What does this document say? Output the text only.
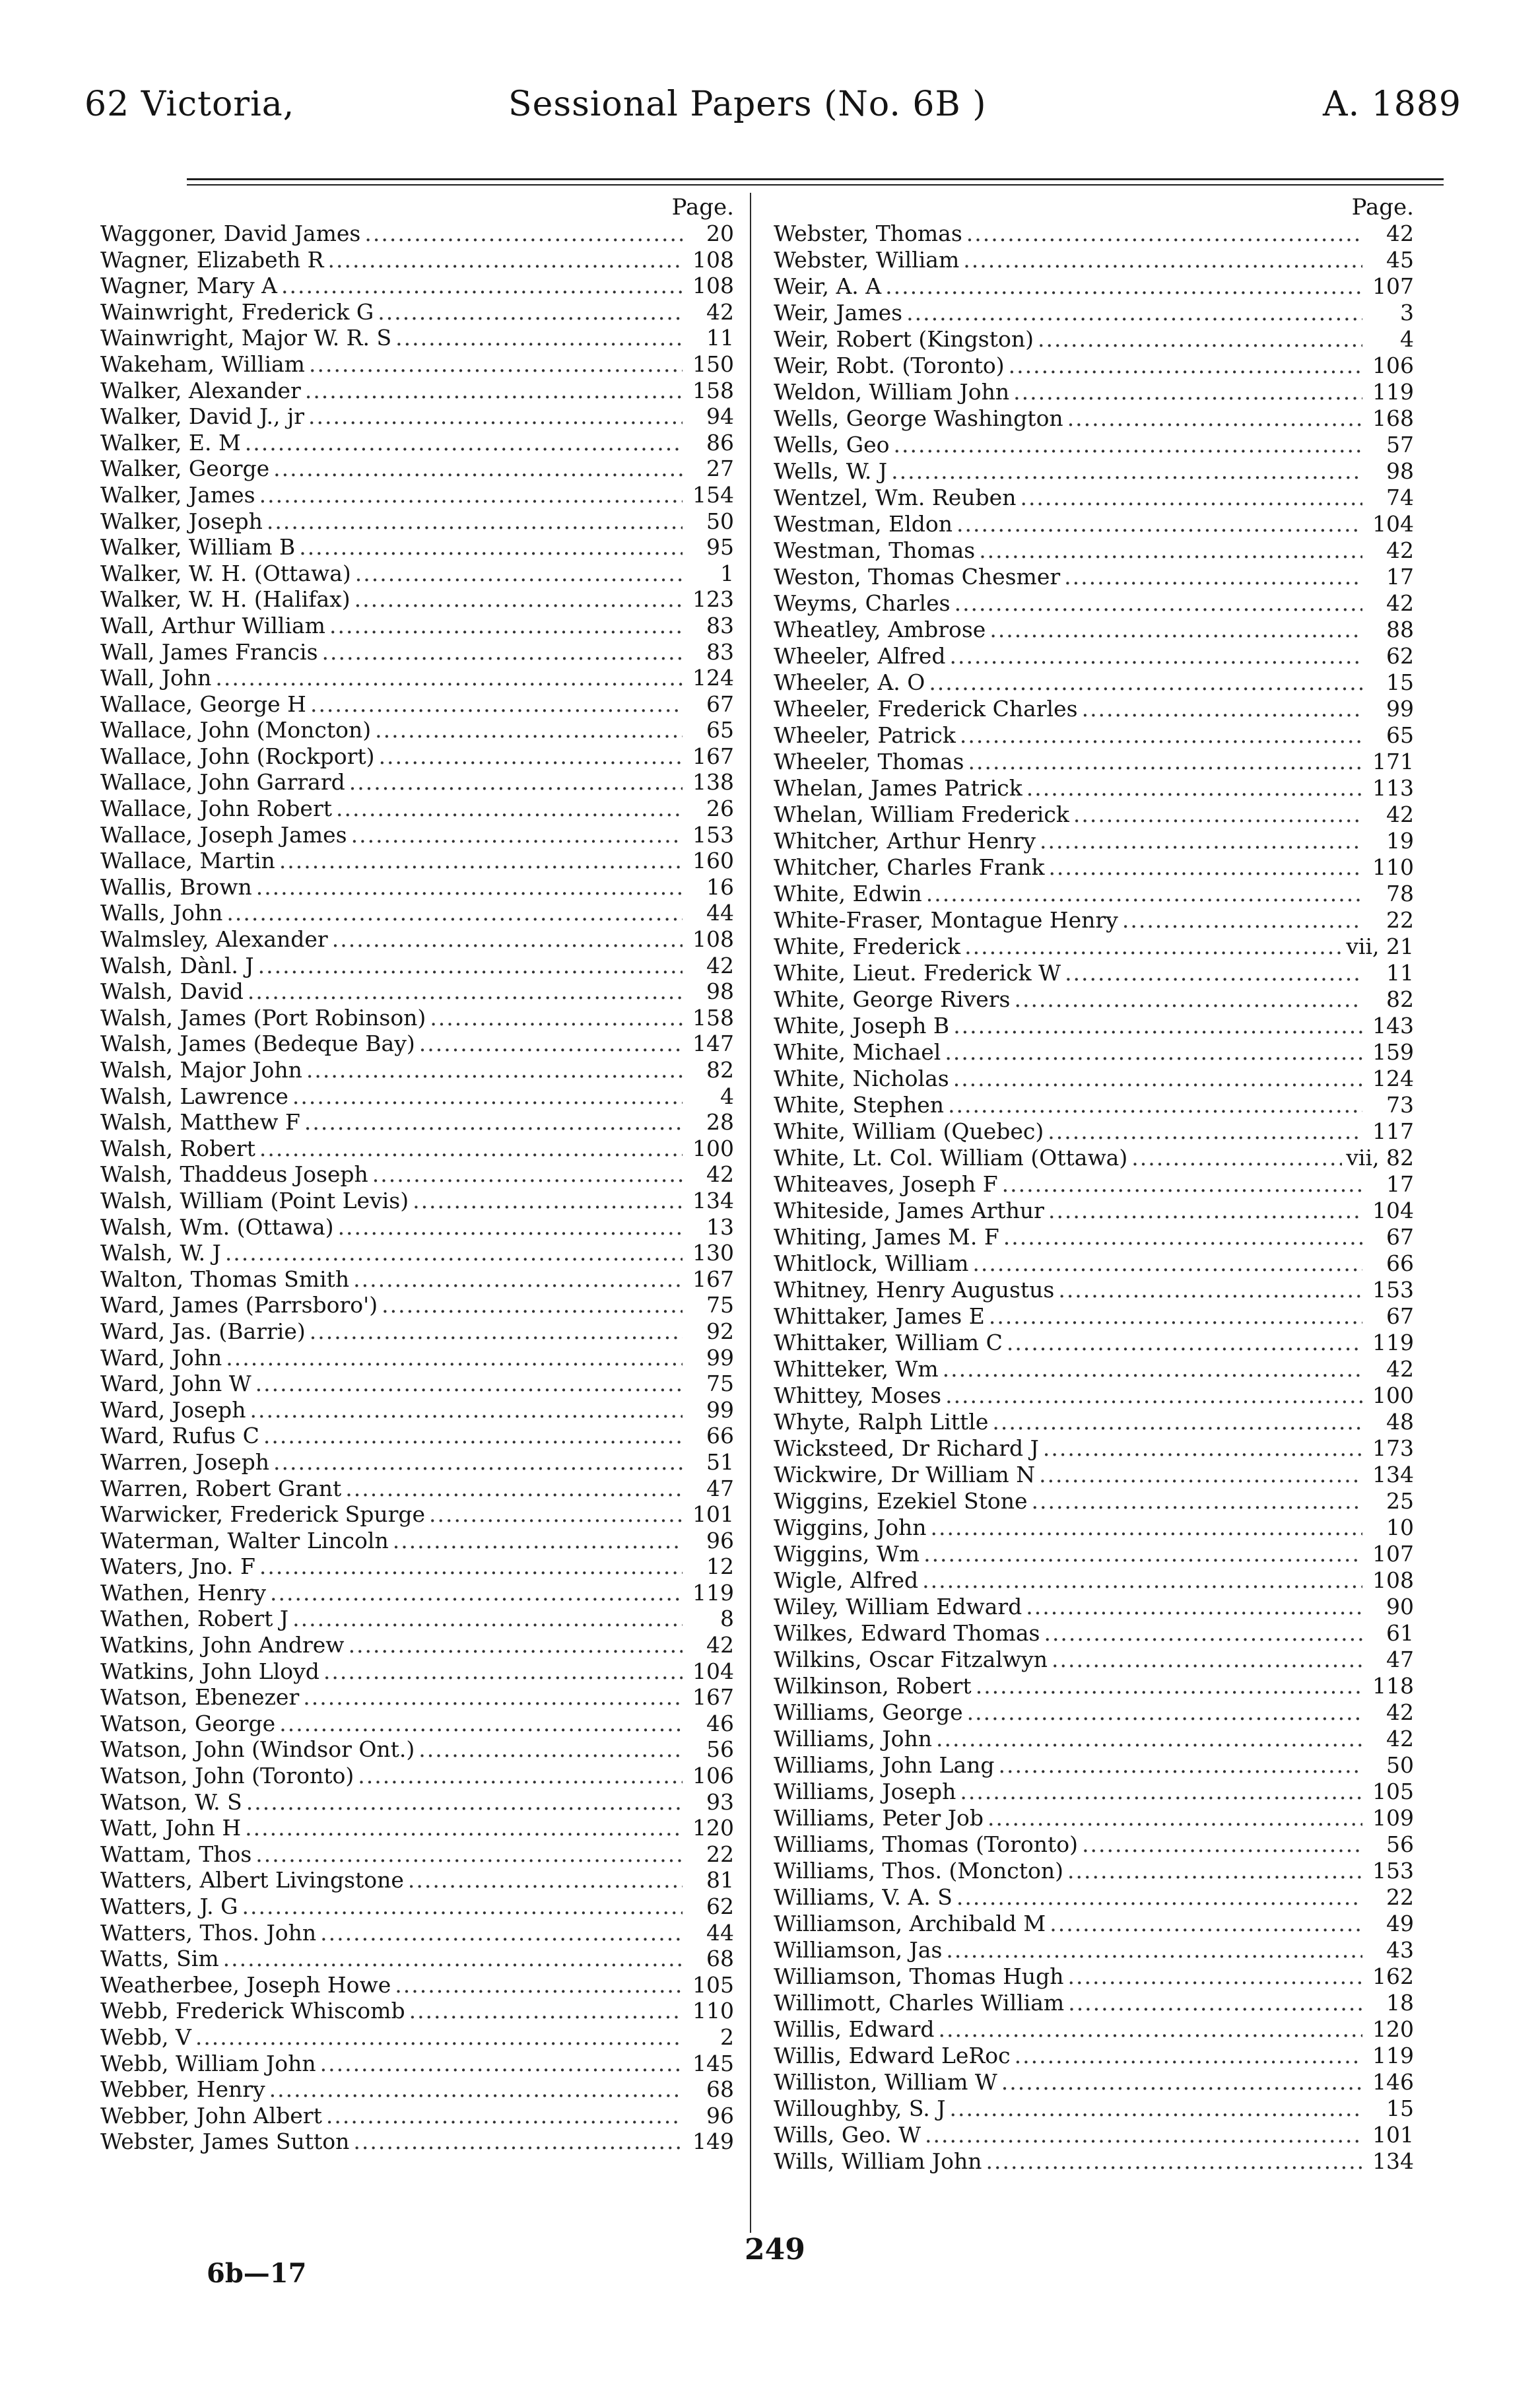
62 Victoria,	Sessional Papers (No. 6B )	A. 1889
Page.
Waggoner, David James .....	20
Wagner, Elizabeth R .....	108
Wagner, Mary A .....	108
Wainwright, Frederick G .....	42
Wainwright, Major W. R. S .....	11
Wakeham, William .....	150
Walker, Alexander .....	158
Walker, David J., jr .....	94
Walker, E. M .....	86
Walker, George .....	27
Walker, James .....	154
Walker, Joseph .....	50
Walker, William B .....	95
Walker, W. H. (Ottawa) .....	1
Walker, W. H. (Halifax) .....	123
Wall, Arthur William .....	83
Wall, James Francis .....	83
Wall, John .....	124
Wallace, George H .....	67
Wallace, John (Moncton) .....	65
Wallace, John (Rockport) .....	167
Wallace, John Garrard .....	138
Wallace, John Robert .....	26
Wallace, Joseph James .....	153
Wallace, Martin .....	160
Wallis, Brown .....	16
Walls, John .....	44
Walmsley, Alexander .....	108
Walsh, Dànl. J .....	42
Walsh, David .....	98
Walsh, James (Port Robinson) .....	158
Walsh, James (Bedeque Bay) .....	147
Walsh, Major John .....	82
Walsh, Lawrence .....	4
Walsh, Matthew F .....	28
Walsh, Robert .....	100
Walsh, Thaddeus Joseph .....	42
Walsh, William (Point Levis) .....	134
Walsh, Wm. (Ottawa) .....	13
Walsh, W. J .....	130
Walton, Thomas Smith .....	167
Ward, James (Parrsboro') .....	75
Ward, Jas. (Barrie) .....	92
Ward, John .....	99
Ward, John W .....	75
Ward, Joseph .....	99
Ward, Rufus C .....	66
Warren, Joseph .....	51
Warren, Robert Grant .....	47
Warwicker, Frederick Spurge .....	101
Waterman, Walter Lincoln .....	96
Waters, Jno. F .....	12
Wathen, Henry .....	119
Wathen, Robert J .....	8
Watkins, John Andrew .....	42
Watkins, John Lloyd .....	104
Watson, Ebenezer .....	167
Watson, George .....	46
Watson, John (Windsor Ont.) .....	56
Watson, John (Toronto) .....	106
Watson, W. S .....	93
Watt, John H .....	120
Wattam, Thos .....	22
Watters, Albert Livingstone .....	81
Watters, J. G .....	62
Watters, Thos. John .....	44
Watts, Sim .....	68
Weatherbee, Joseph Howe .....	105
Webb, Frederick Whiscomb .....	110
Webb, V .....	2
Webb, William John .....	145
Webber, Henry .....	68
Webber, John Albert .....	96
Webster, James Sutton .....	149
Page.
Webster, Thomas .....	42
Webster, William .....	45
Weir, A. A .....	107
Weir, James .....	3
Weir, Robert (Kingston) .....	4
Weir, Robt. (Toronto) .....	106
Weldon, William John .....	119
Wells, George Washington .....	168
Wells, Geo .....	57
Wells, W. J .....	98
Wentzel, Wm. Reuben .....	74
Westman, Eldon .....	104
Westman, Thomas .....	42
Weston, Thomas Chesmer .....	17
Weyms, Charles .....	42
Wheatley, Ambrose .....	88
Wheeler, Alfred .....	62
Wheeler, A. O .....	15
Wheeler, Frederick Charles .....	99
Wheeler, Patrick .....	65
Wheeler, Thomas .....	171
Whelan, James Patrick .....	113
Whelan, William Frederick .....	42
Whitcher, Arthur Henry .....	19
Whitcher, Charles Frank .....	110
White, Edwin .....	78
White-Fraser, Montague Henry .....	22
White, Frederick .....	vii, 21
White, Lieut. Frederick W .....	11
White, George Rivers .....	82
White, Joseph B .....	143
White, Michael .....	159
White, Nicholas .....	124
White, Stephen .....	73
White, William (Quebec) .....	117
White, Lt. Col. William (Ottawa) .....	vii, 82
Whiteaves, Joseph F .....	17
Whiteside, James Arthur .....	104
Whiting, James M. F .....	67
Whitlock, William .....	66
Whitney, Henry Augustus .....	153
Whittaker, James E .....	67
Whittaker, William C .....	119
Whitteker, Wm .....	42
Whittey, Moses .....	100
Whyte, Ralph Little .....	48
Wicksteed, Dr Richard J .....	173
Wickwire, Dr William N .....	134
Wiggins, Ezekiel Stone .....	25
Wiggins, John .....	10
Wiggins, Wm .....	107
Wigle, Alfred .....	108
Wiley, William Edward .....	90
Wilkes, Edward Thomas .....	61
Wilkins, Oscar Fitzalwyn .....	47
Wilkinson, Robert .....	118
Williams, George .....	42
Williams, John .....	42
Williams, John Lang .....	50
Williams, Joseph .....	105
Williams, Peter Job .....	109
Williams, Thomas (Toronto) .....	56
Williams, Thos. (Moncton) .....	153
Williams, V. A. S .....	22
Williamson, Archibald M .....	49
Williamson, Jas .....	43
Williamson, Thomas Hugh .....	162
Willimott, Charles William .....	18
Willis, Edward .....	120
Willis, Edward LeRoc .....	119
Williston, William W .....	146
Willoughby, S. J .....	15
Wills, Geo. W .....	101
Wills, William John .....	134
6b—17
249
